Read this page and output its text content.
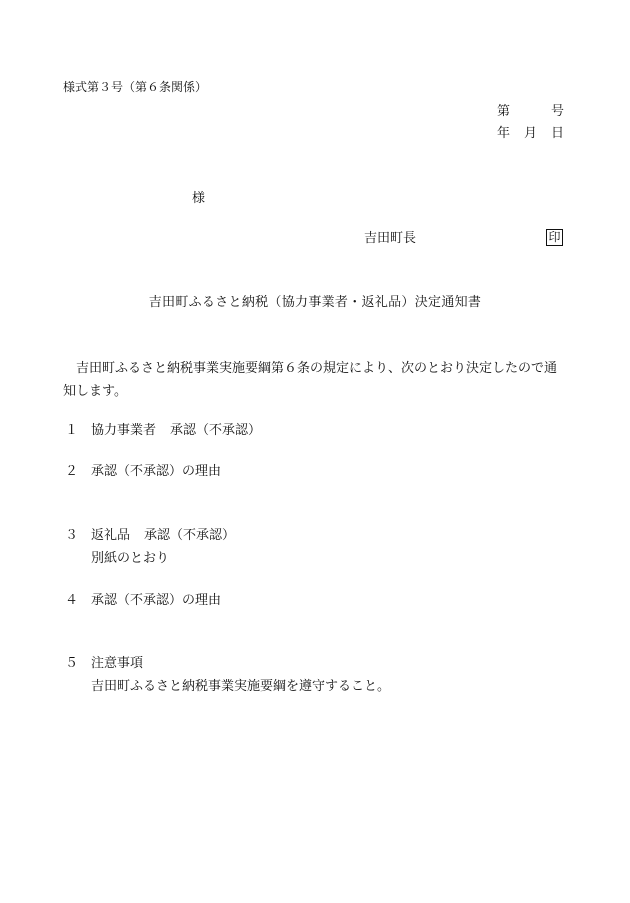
様式第３号（第６条関係）
第	号
年 月 日
様
吉田町長	印
吉田町ふるさと納税（協力事業者・返礼品）決定通知書
吉田町ふるさと納税事業実施要綱第６条の規定により、次のとおり決定したので通知します。
１ 協力事業者 承認（不承認）
２ 承認（不承認）の理由
３ 返礼品 承認（不承認）
別紙のとおり
４ 承認（不承認）の理由
５ 注意事項
吉田町ふるさと納税事業実施要綱を遵守すること。
